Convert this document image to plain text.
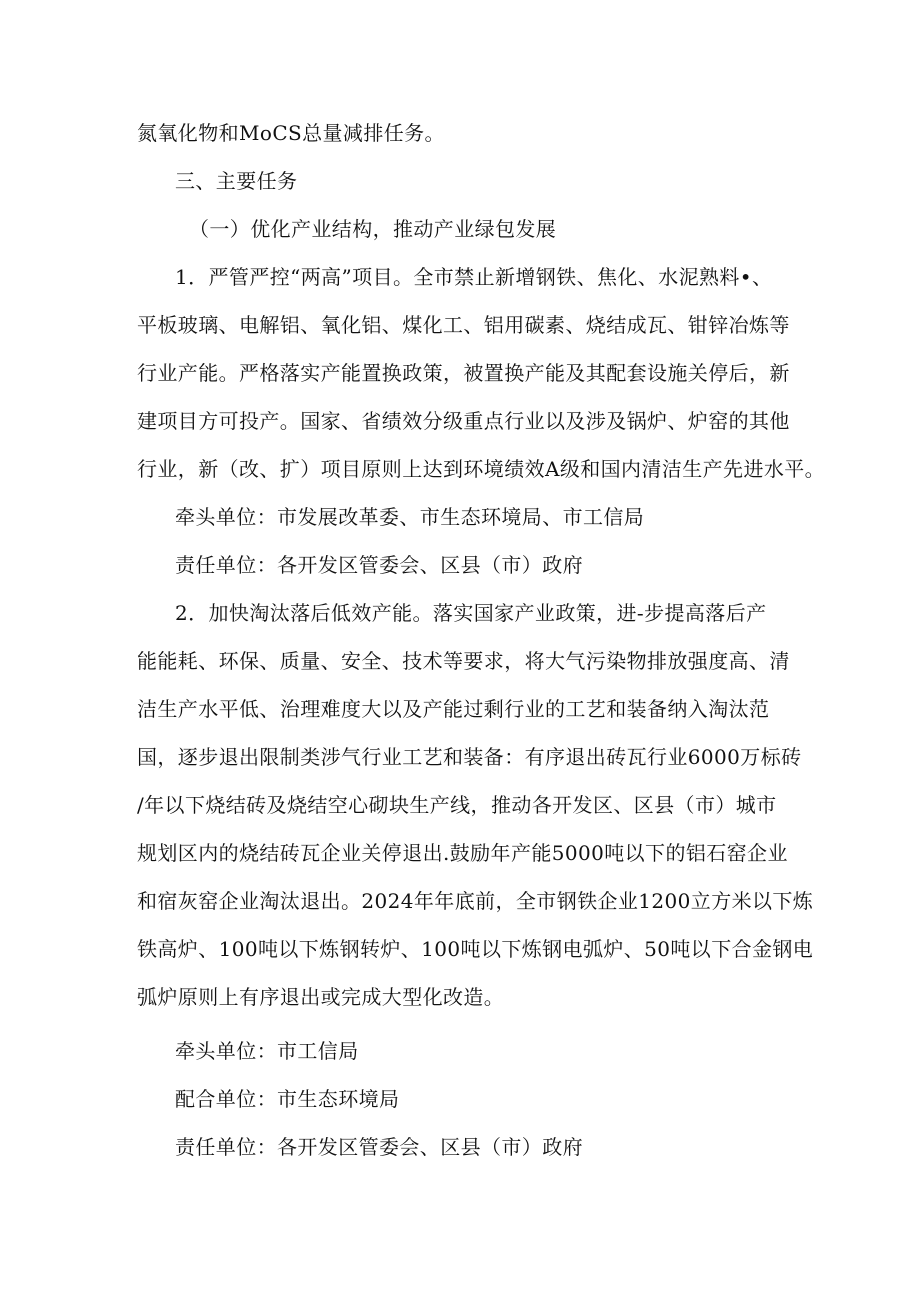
氮氧化物和MoCS总量减排任务。
三、主要任务
（一）优化产业结构，推动产业绿包发展
1．严管严控“两高”项目。全市禁止新增钢铁、焦化、水泥熟料•、
平板玻璃、电解铝、氧化铝、煤化工、铝用碳素、烧结成瓦、钳锌冶炼等
行业产能。严格落实产能置换政策，被置换产能及其配套设施关停后，新
建项目方可投产。国家、省绩效分级重点行业以及涉及锅炉、炉窑的其他
行业，新（改、扩）项目原则上达到环境绩效A级和国内清洁生产先进水平。
牵头单位：市发展改革委、市生态环境局、市工信局
责任单位：各开发区管委会、区县（市）政府
2．加快淘汰落后低效产能。落实国家产业政策，进-步提高落后产
能能耗、环保、质量、安全、技术等要求，将大气污染物排放强度高、清
洁生产水平低、治理难度大以及产能过剩行业的工艺和装备纳入淘汰范
国，逐步退出限制类涉气行业工艺和装备：有序退出砖瓦行业6000万标砖
/年以下烧结砖及烧结空心砌块生产线，推动各开发区、区县（市）城市
规划区内的烧结砖瓦企业关停退出.鼓励年产能5000吨以下的铝石窑企业
和宿灰窑企业淘汰退出。2024年年底前，全市钢铁企业1200立方米以下炼
铁高炉、100吨以下炼钢转炉、100吨以下炼钢电弧炉、50吨以下合金钢电
弧炉原则上有序退出或完成大型化改造。
牵头单位：市工信局
配合单位：市生态环境局
责任单位：各开发区管委会、区县（市）政府
